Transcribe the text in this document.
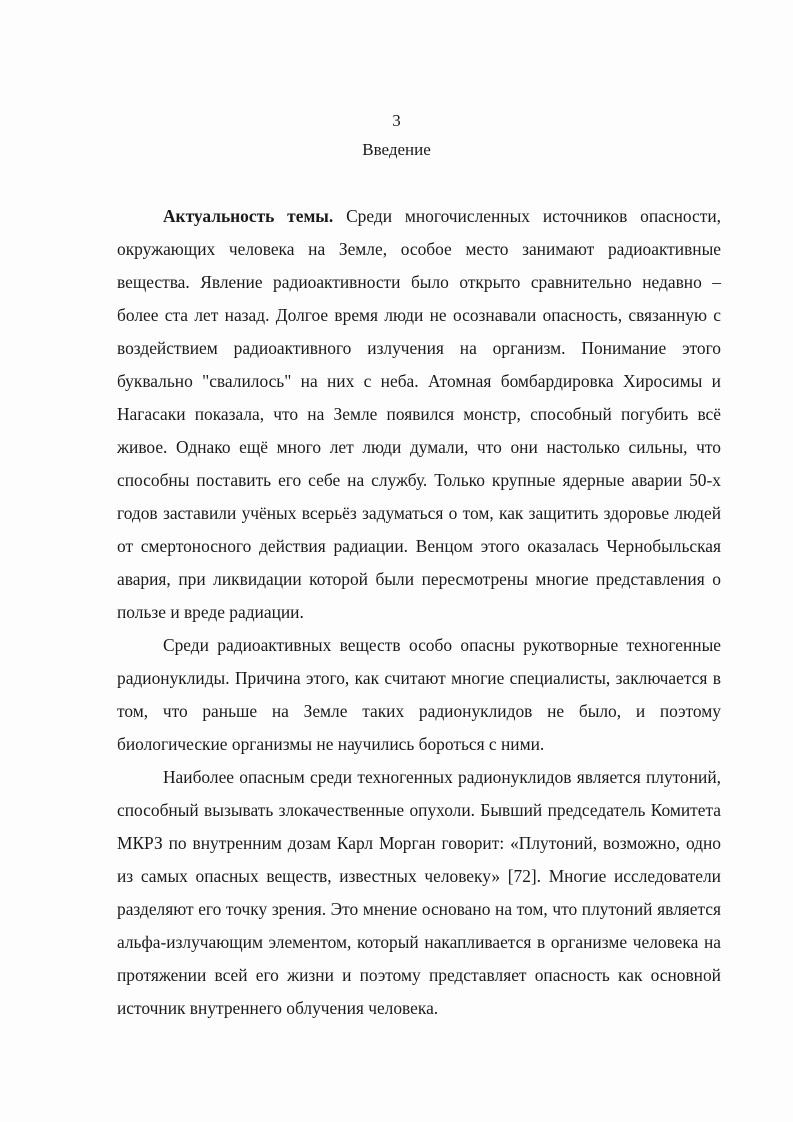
3
Введение

Актуальность темы. Среди многочисленных источников опасности, окружающих человека на Земле, особое место занимают радиоактивные вещества. Явление радиоактивности было открыто сравнительно недавно – более ста лет назад. Долгое время люди не осознавали опасность, связанную с воздействием радиоактивного излучения на организм. Понимание этого буквально "свалилось" на них с неба. Атомная бомбардировка Хиросимы и Нагасаки показала, что на Земле появился монстр, способный погубить всё живое. Однако ещё много лет люди думали, что они настолько сильны, что способны поставить его себе на службу. Только крупные ядерные аварии 50-х годов заставили учёных всерьёз задуматься о том, как защитить здоровье людей от смертоносного действия радиации. Венцом этого оказалась Чернобыльская авария, при ликвидации которой были пересмотрены многие представления о пользе и вреде радиации.

Среди радиоактивных веществ особо опасны рукотворные техногенные радионуклиды. Причина этого, как считают многие специалисты, заключается в том, что раньше на Земле таких радионуклидов не было, и поэтому биологические организмы не научились бороться с ними.

Наиболее опасным среди техногенных радионуклидов является плутоний, способный вызывать злокачественные опухоли. Бывший председатель Комитета МКРЗ по внутренним дозам Карл Морган говорит: «Плутоний, возможно, одно из самых опасных веществ, известных человеку» [72]. Многие исследователи разделяют его точку зрения. Это мнение основано на том, что плутоний является альфа-излучающим элементом, который накапливается в организме человека на протяжении всей его жизни и поэтому представляет опасность как основной источник внутреннего облучения человека.
